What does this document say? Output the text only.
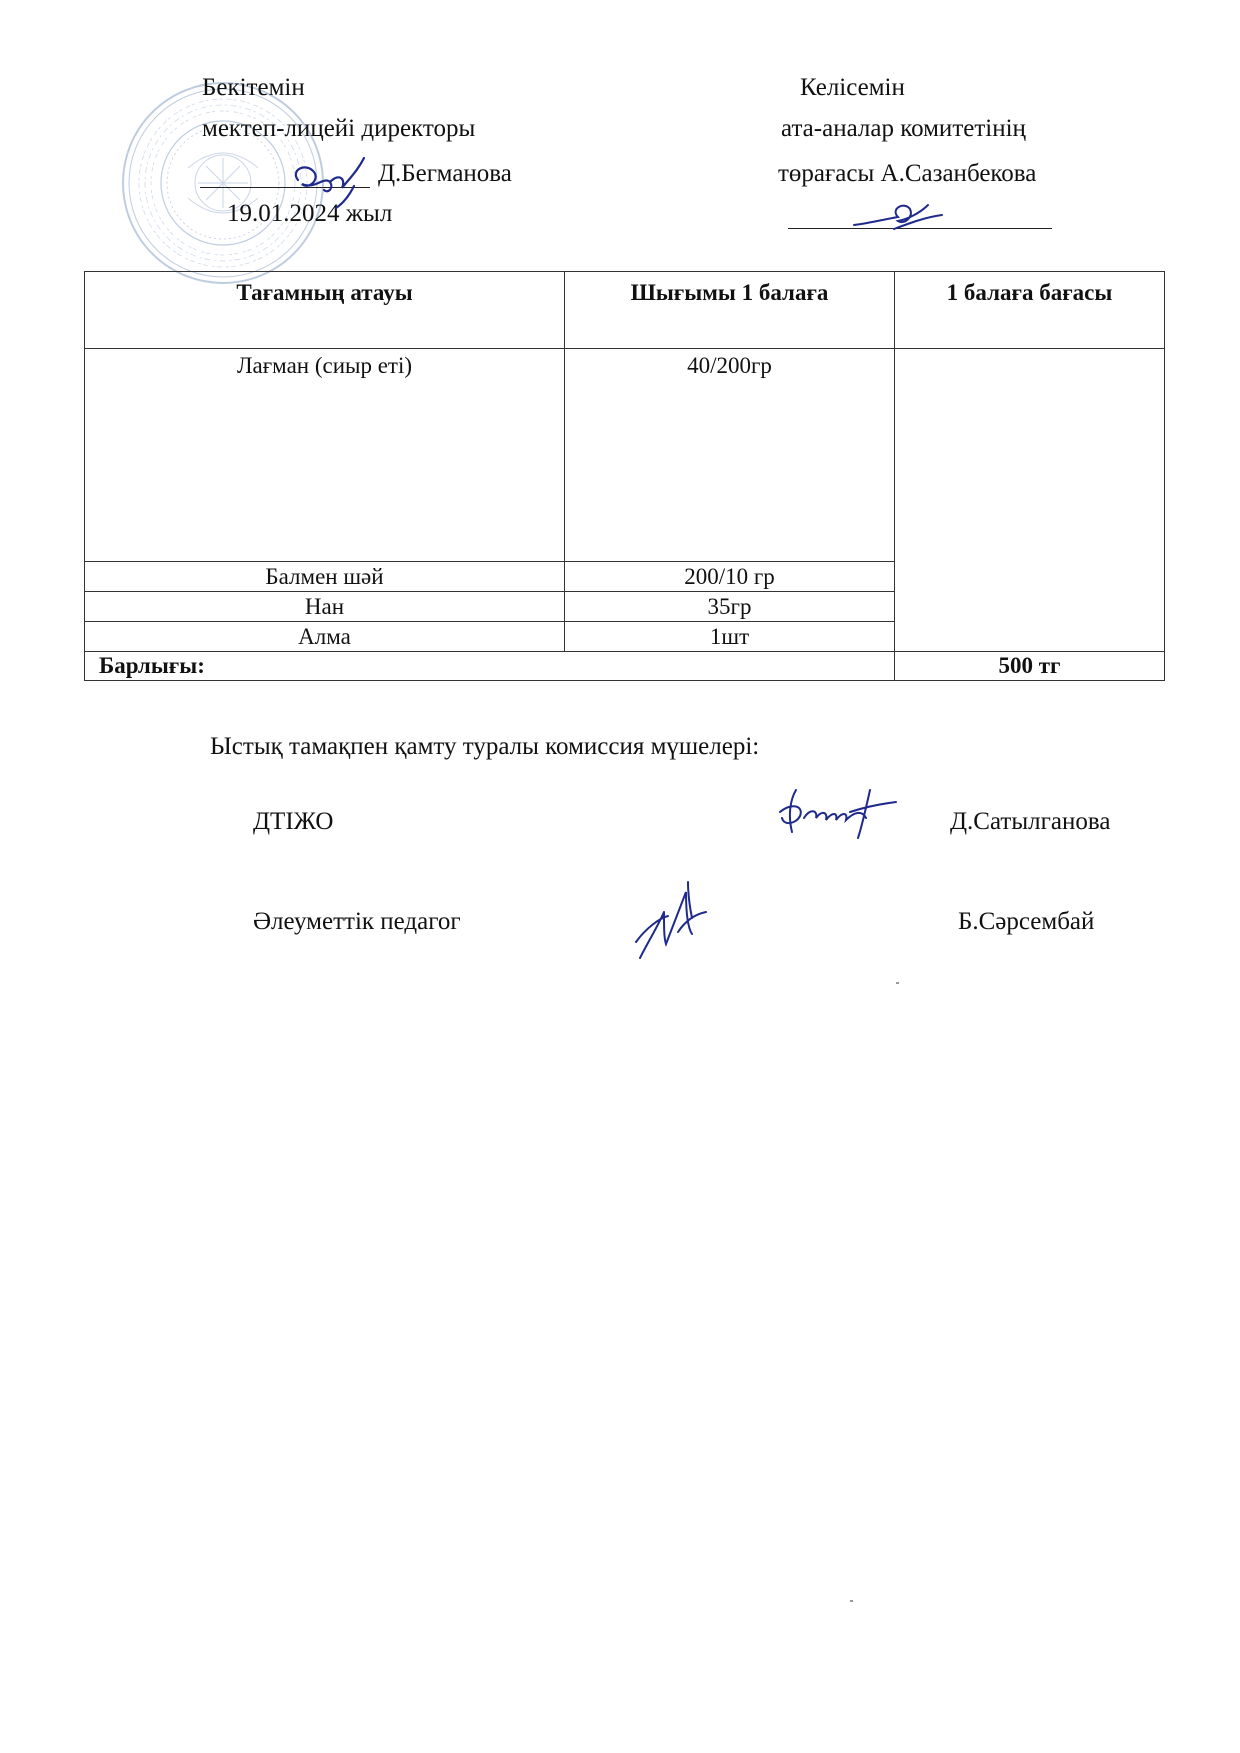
Бекітемін
мектеп-лицейі директоры
Д.Бегманова
19.01.2024 жыл
Келісемін
ата-аналар комитетінің
төрағасы А.Сазанбекова
Тағамның атауы	Шығымы 1 балаға	1 балаға бағасы
Лағман (сиыр еті)	40/200гр	
Балмен шәй	200/10 гр	
Нан	35гр	
Алма	1шт	
Барлығы:		500 тг
Ыстық тамақпен қамту туралы комиссия мүшелері:
ДТІЖО	Д.Сатылганова
Әлеуметтік педагог	Б.Сәрсембай
